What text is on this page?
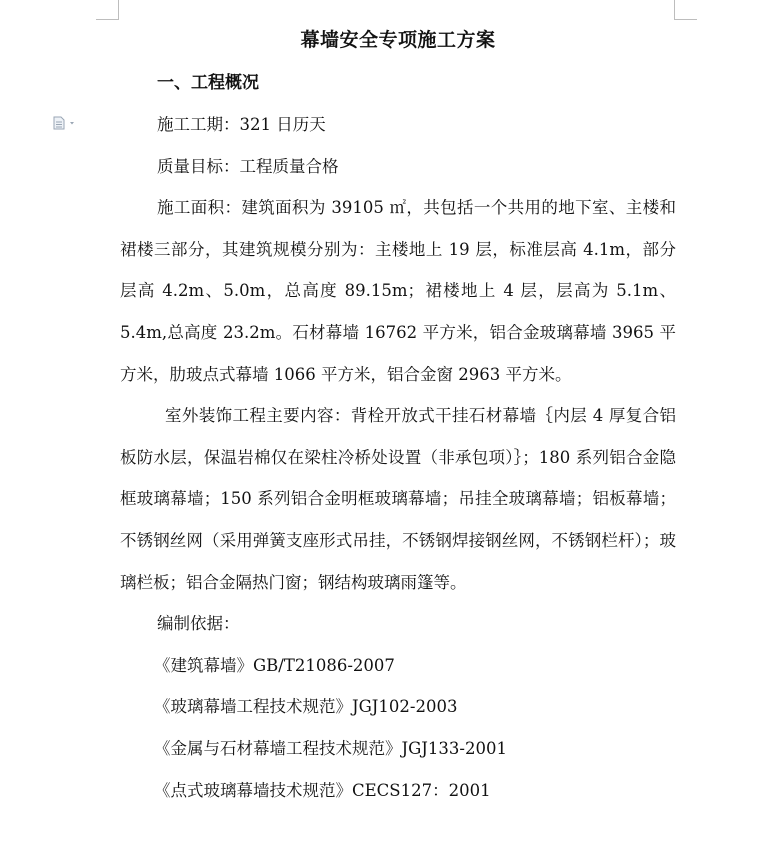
幕墙安全专项施工方案
一、工程概况

施工工期：321 日历天

质量目标：工程质量合格

施工面积：建筑面积为 39105 ㎡，共包括一个共用的地下室、主楼和裙楼三部分，其建筑规模分别为：主楼地上 19 层，标准层高 4.1m，部分层高 4.2m、5.0m，总高度 89.15m；裙楼地上 4 层，层高为 5.1m、5.4m,总高度 23.2m。石材幕墙 16762 平方米，铝合金玻璃幕墙 3965 平方米，肋玻点式幕墙 1066 平方米，铝合金窗 2963 平方米。

室外装饰工程主要内容：背栓开放式干挂石材幕墙｛内层 4 厚复合铝板防水层，保温岩棉仅在梁柱冷桥处设置（非承包项）｝；180 系列铝合金隐框玻璃幕墙；150 系列铝合金明框玻璃幕墙；吊挂全玻璃幕墙；铝板幕墙；不锈钢丝网（采用弹簧支座形式吊挂，不锈钢焊接钢丝网，不锈钢栏杆）；玻璃栏板；铝合金隔热门窗；钢结构玻璃雨篷等。

编制依据：

《建筑幕墙》GB/T21086-2007

《玻璃幕墙工程技术规范》JGJ102-2003

《金属与石材幕墙工程技术规范》JGJ133-2001

《点式玻璃幕墙技术规范》CECS127：2001
